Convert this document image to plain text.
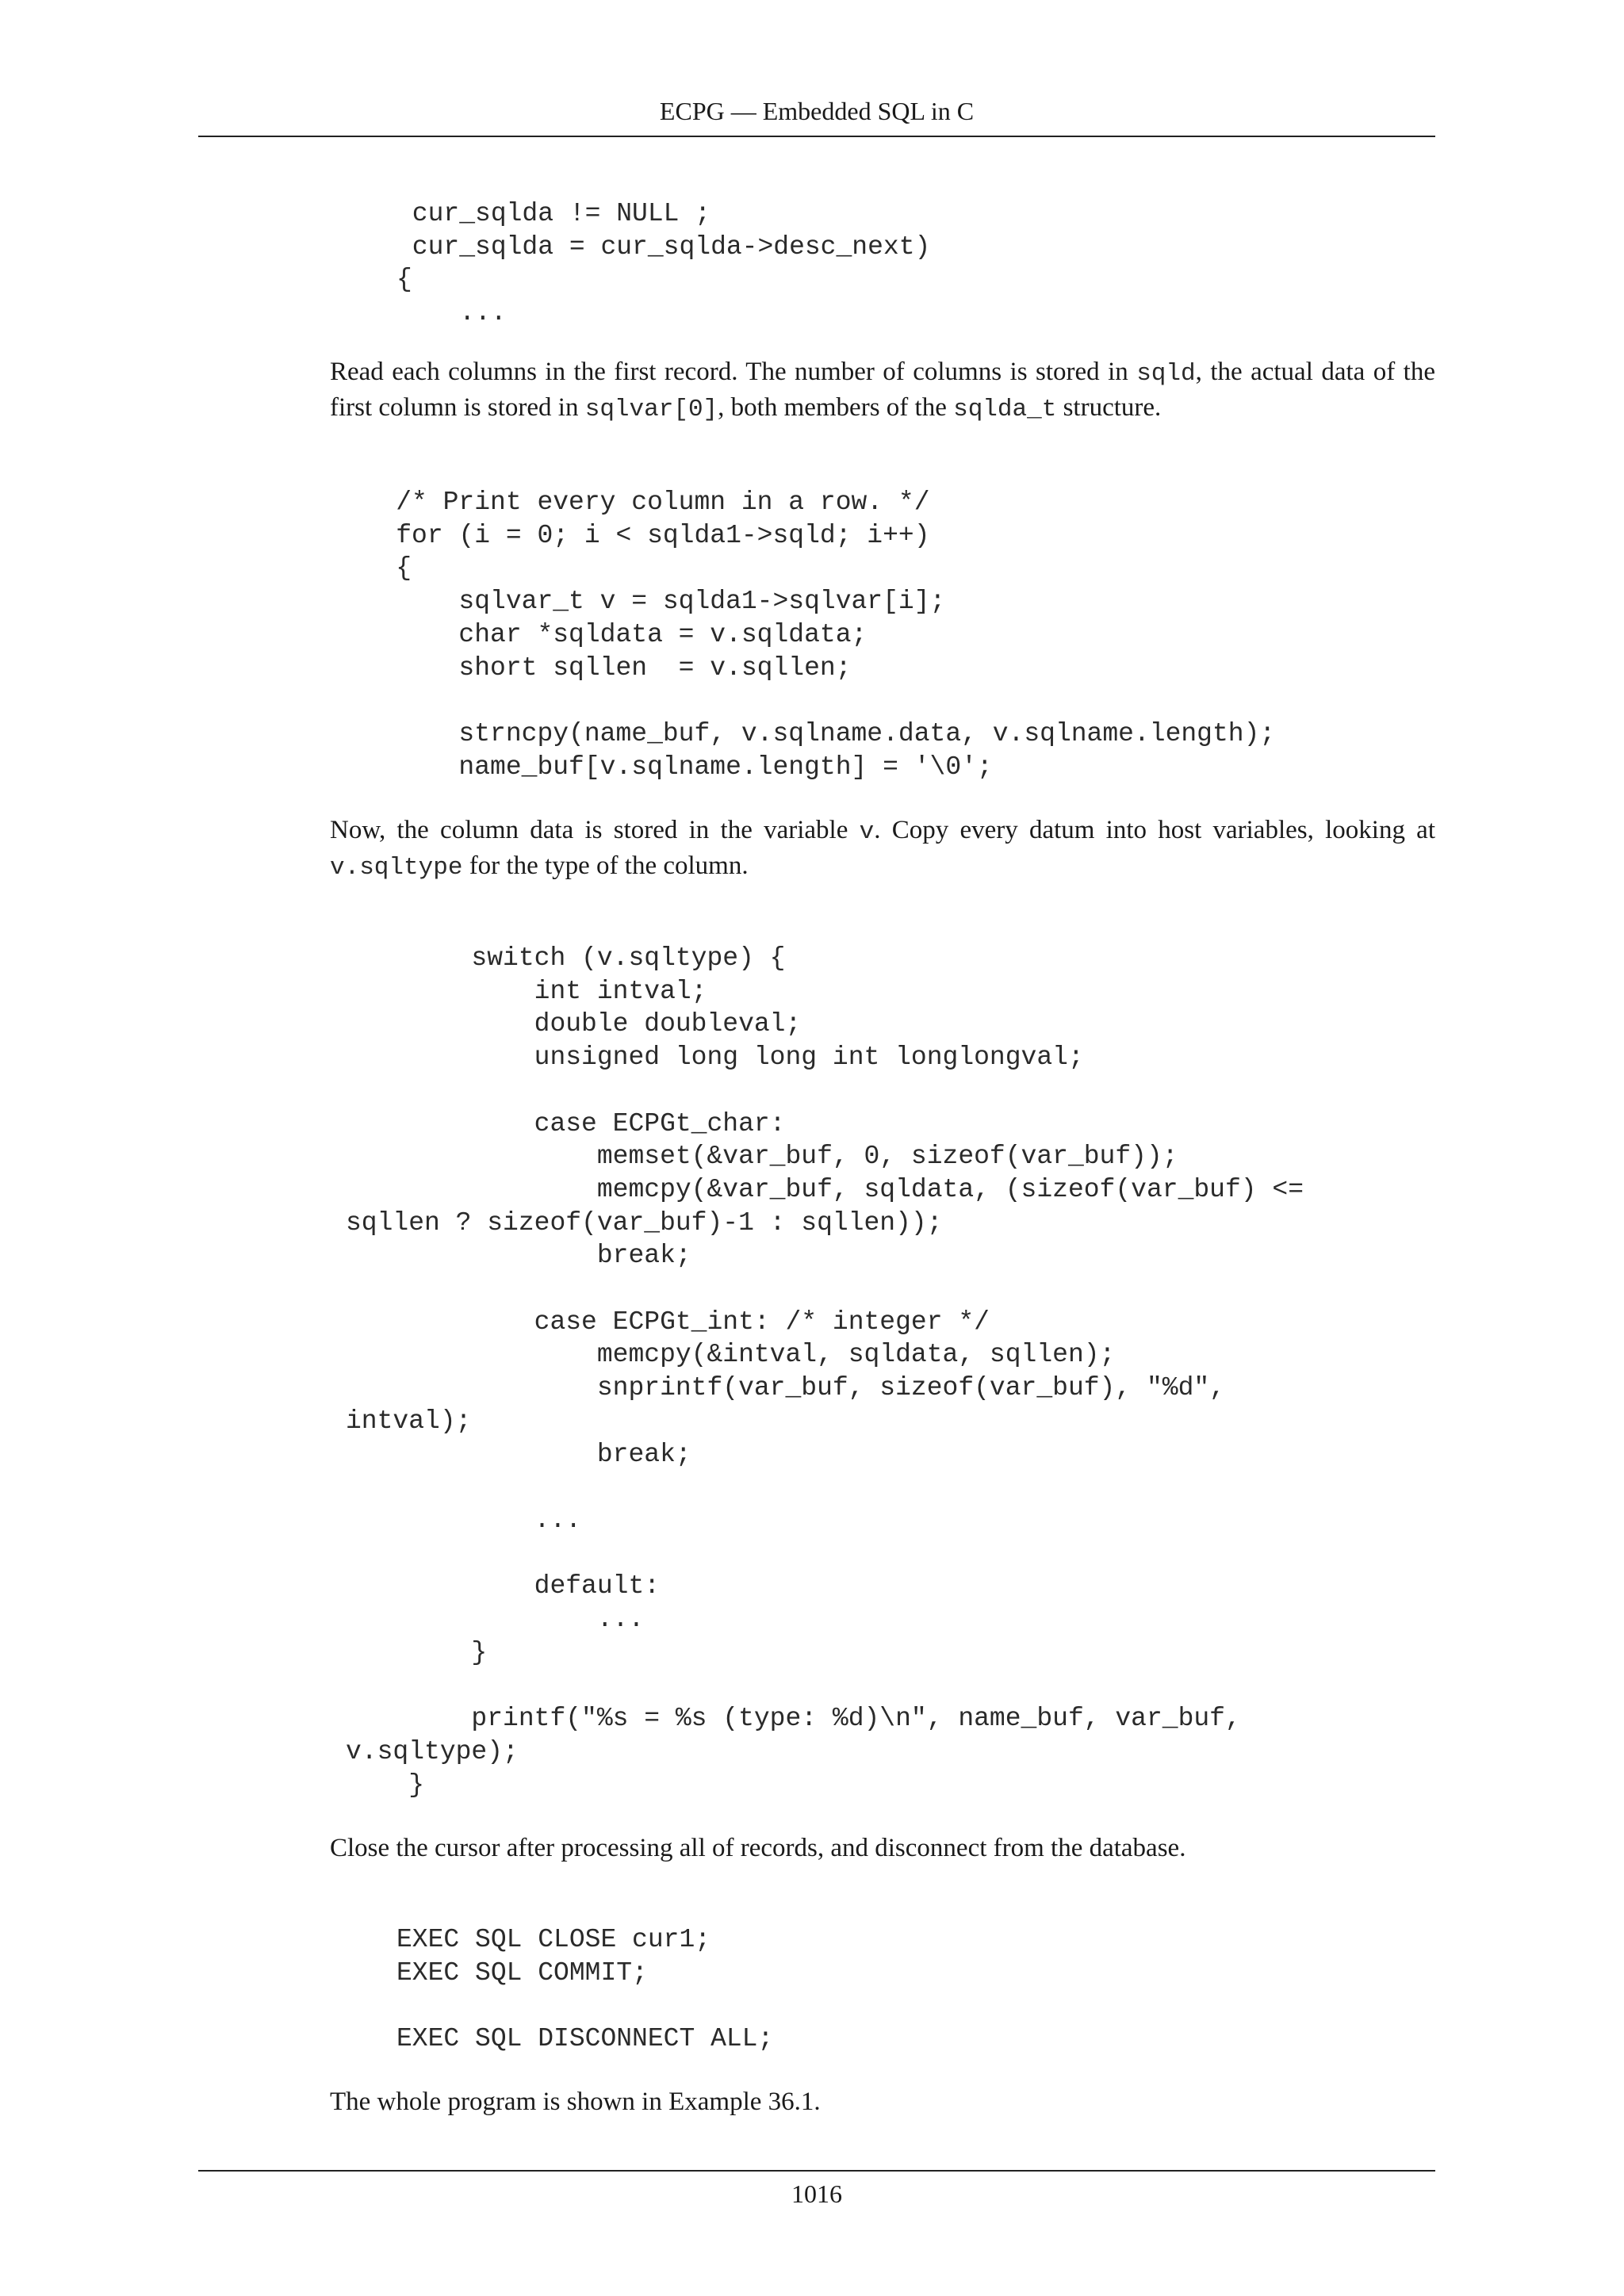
ECPG — Embedded SQL in C
cur_sqlda != NULL ;
cur_sqlda = cur_sqlda->desc_next)
{
...

Read each columns in the first record. The number of columns is stored in sqld, the actual data of the first column is stored in sqlvar[0], both members of the sqlda_t structure.

/* Print every column in a row. */
for (i = 0; i < sqlda1->sqld; i++)
{
sqlvar_t v = sqlda1->sqlvar[i];
char *sqldata = v.sqldata;
short sqllen  = v.sqllen;

strncpy(name_buf, v.sqlname.data, v.sqlname.length);
name_buf[v.sqlname.length] = '\0';

Now, the column data is stored in the variable v. Copy every datum into host variables, looking at v.sqltype for the type of the column.

switch (v.sqltype) {
int intval;
double doubleval;
unsigned long long int longlongval;

case ECPGt_char:
memset(&var_buf, 0, sizeof(var_buf));
memcpy(&var_buf, sqldata, (sizeof(var_buf) <=
sqllen ? sizeof(var_buf)-1 : sqllen));
break;

case ECPGt_int: /* integer */
memcpy(&intval, sqldata, sqllen);
snprintf(var_buf, sizeof(var_buf), "%d",
intval);
break;

...

default:
...
}

printf("%s = %s (type: %d)\n", name_buf, var_buf,
v.sqltype);
}

Close the cursor after processing all of records, and disconnect from the database.

EXEC SQL CLOSE cur1;
EXEC SQL COMMIT;

EXEC SQL DISCONNECT ALL;

The whole program is shown in Example 36.1.

1016
